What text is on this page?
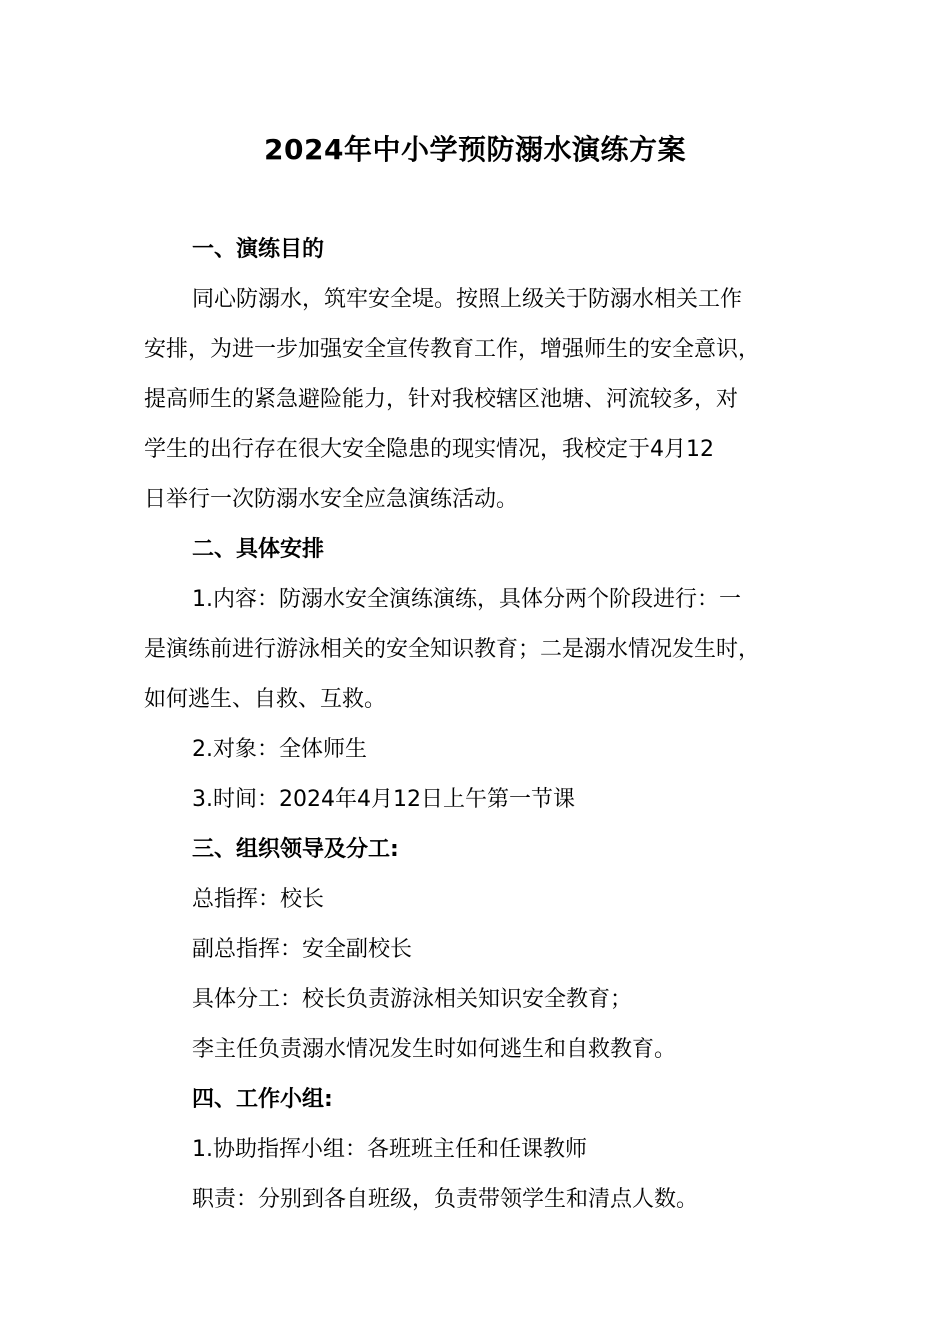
2024年中小学预防溺水演练方案
一、演练目的
同心防溺水，筑牢安全堤。按照上级关于防溺水相关工作
安排，为进一步加强安全宣传教育工作，增强师生的安全意识，
提高师生的紧急避险能力，针对我校辖区池塘、河流较多，对
学生的出行存在很大安全隐患的现实情况，我校定于4月12
日举行一次防溺水安全应急演练活动。
二、具体安排
1.内容：防溺水安全演练演练，具体分两个阶段进行：一
是演练前进行游泳相关的安全知识教育；二是溺水情况发生时，
如何逃生、自救、互救。
2.对象：全体师生
3.时间：2024年4月12日上午第一节课
三、组织领导及分工:
总指挥：校长
副总指挥：安全副校长
具体分工：校长负责游泳相关知识安全教育；
李主任负责溺水情况发生时如何逃生和自救教育。
四、工作小组:
1.协助指挥小组：各班班主任和任课教师
职责：分别到各自班级，负责带领学生和清点人数。
